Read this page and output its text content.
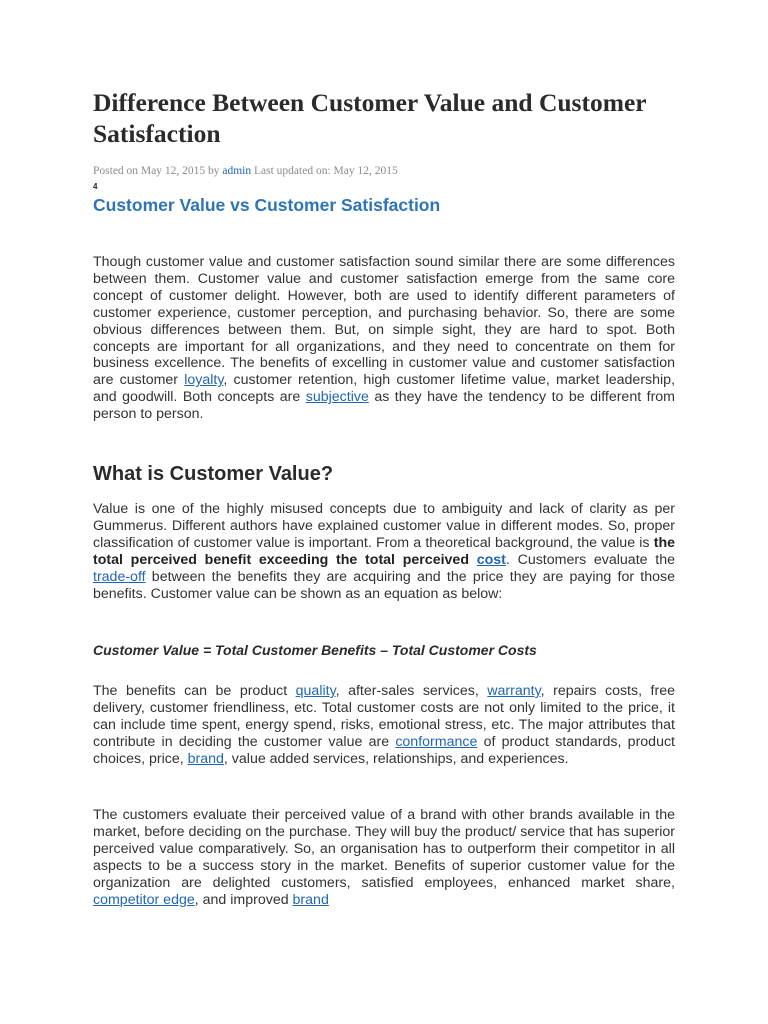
Difference Between Customer Value and Customer Satisfaction
Posted on May 12, 2015 by admin Last updated on: May 12, 2015
4
Customer Value vs Customer Satisfaction

Though customer value and customer satisfaction sound similar there are some differences between them. Customer value and customer satisfaction emerge from the same core concept of customer delight. However, both are used to identify different parameters of customer experience, customer perception, and purchasing behavior. So, there are some obvious differences between them. But, on simple sight, they are hard to spot. Both concepts are important for all organizations, and they need to concentrate on them for business excellence. The benefits of excelling in customer value and customer satisfaction are customer loyalty, customer retention, high customer lifetime value, market leadership, and goodwill. Both concepts are subjective as they have the tendency to be different from person to person.

What is Customer Value?

Value is one of the highly misused concepts due to ambiguity and lack of clarity as per Gummerus. Different authors have explained customer value in different modes. So, proper classification of customer value is important. From a theoretical background, the value is the total perceived benefit exceeding the total perceived cost. Customers evaluate the trade-off between the benefits they are acquiring and the price they are paying for those benefits. Customer value can be shown as an equation as below:

Customer Value = Total Customer Benefits – Total Customer Costs

The benefits can be product quality, after-sales services, warranty, repairs costs, free delivery, customer friendliness, etc. Total customer costs are not only limited to the price, it can include time spent, energy spend, risks, emotional stress, etc. The major attributes that contribute in deciding the customer value are conformance of product standards, product choices, price, brand, value added services, relationships, and experiences.

The customers evaluate their perceived value of a brand with other brands available in the market, before deciding on the purchase. They will buy the product/ service that has superior perceived value comparatively. So, an organisation has to outperform their competitor in all aspects to be a success story in the market. Benefits of superior customer value for the organization are delighted customers, satisfied employees, enhanced market share, competitor edge, and improved brand
